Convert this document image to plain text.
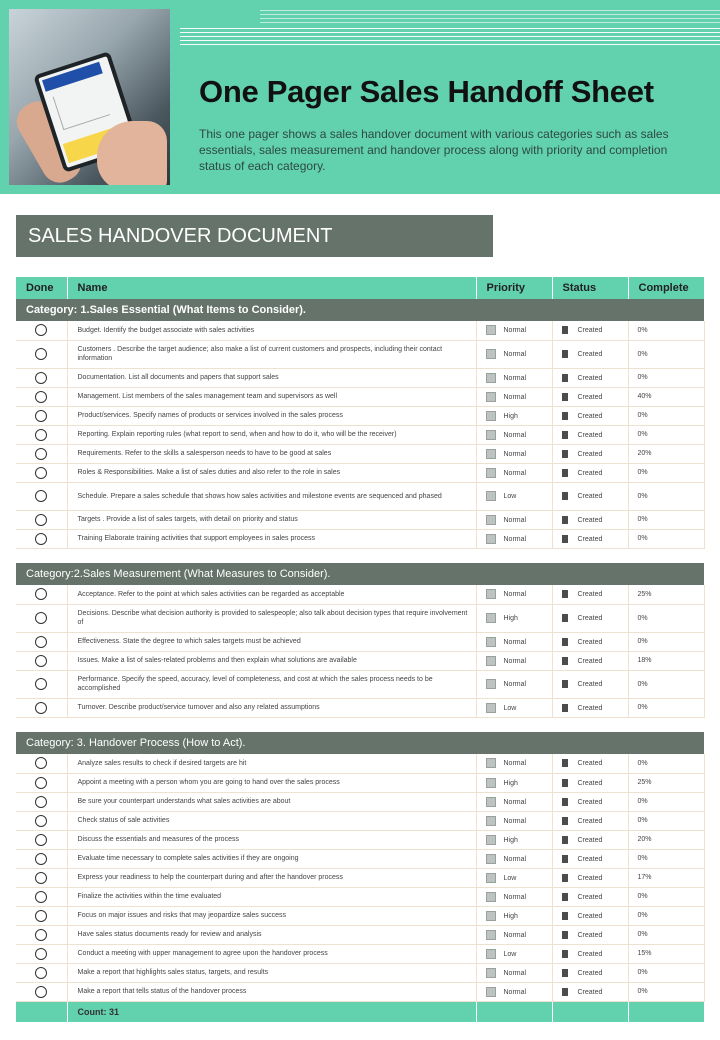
One Pager Sales Handoff Sheet

This one pager shows a sales handover document with various categories such as sales essentials, sales measurement and handover process along with priority and completion status of each category.

SALES HANDOVER DOCUMENT
Done	Name	Priority	Status	Complete
Category: 1.Sales Essential (What Items to Consider).				
	Budget. Identify the budget associate with sales activities	Normal	Created	0%
	Customers . Describe the target audience; also make a list of current customers and prospects, including their contact information	Normal	Created	0%
	Documentation. List all documents and papers that support sales	Normal	Created	0%
	Management. List members of the sales management team and supervisors as well	Normal	Created	40%
	Product/services. Specify names of products or services involved in the sales process	High	Created	0%
	Reporting. Explain reporting rules (what report to send, when and how to do it, who will be the receiver)	Normal	Created	0%
	Requirements. Refer to the skills a salesperson needs to have to be good at sales	Normal	Created	20%
	Roles & Responsibilities. Make a list of sales duties and also refer to the role in sales	Normal	Created	0%
	Schedule. Prepare a sales schedule that shows how sales activities and milestone events are sequenced and phased	Low	Created	0%
	Targets . Provide a list of sales targets, with detail on priority and status	Normal	Created	0%
	Training Elaborate training activities that support employees in sales process	Normal	Created	0%
Category:2.Sales Measurement (What Measures to Consider).				
	Acceptance. Refer to the point at which sales activities can be regarded as acceptable	Normal	Created	25%
	Decisions. Describe what decision authority is provided to salespeople; also talk about decision types that require involvement of	High	Created	0%
	Effectiveness. State the degree to which sales targets must be achieved	Normal	Created	0%
	Issues. Make a list of sales-related problems and then explain what solutions are available	Normal	Created	18%
	Performance. Specify the speed, accuracy, level of completeness, and cost at which the sales process needs to be accomplished	Normal	Created	0%
	Turnover. Describe product/service turnover and also any related assumptions	Low	Created	0%
Category: 3. Handover Process (How to Act).				
	Analyze sales results to check if desired targets are hit	Normal	Created	0%
	Appoint a meeting with a person whom you are going to hand over the sales process	High	Created	25%
	Be sure your counterpart understands what sales activities are about	Normal	Created	0%
	Check status of sale activities	Normal	Created	0%
	Discuss the essentials and measures of the process	High	Created	20%
	Evaluate time necessary to complete sales activities if they are ongoing	Normal	Created	0%
	Express your readiness to help the counterpart during and after the handover process	Low	Created	17%
	Finalize the activities within the time evaluated	Normal	Created	0%
	Focus on major issues and risks that may jeopardize sales success	High	Created	0%
	Have sales status documents ready for review and analysis	Normal	Created	0%
	Conduct a meeting with upper management to agree upon the handover process	Low	Created	15%
	Make a report that highlights sales status, targets, and results	Normal	Created	0%
	Make a report that tells status of the handover process	Normal	Created	0%
	Count: 31			
